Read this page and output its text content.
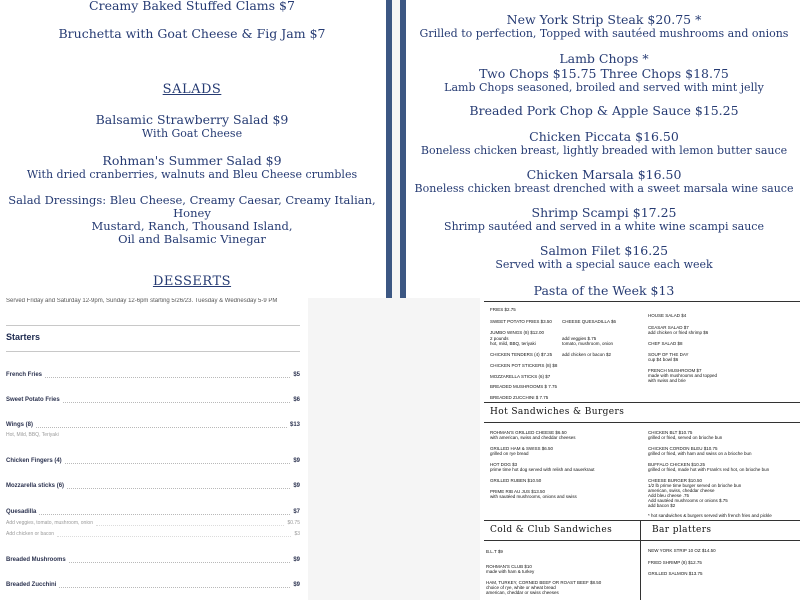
Creamy Baked Stuffed Clams $7
Bruchetta with Goat Cheese & Fig Jam $7
SALADS
Balsamic Strawberry Salad $9
With Goat Cheese
Rohman's Summer Salad $9
With dried cranberries, walnuts and Bleu Cheese crumbles
Salad Dressings: Bleu Cheese, Creamy Caesar, Creamy Italian, Honey
Mustard, Ranch, Thousand Island,
Oil and Balsamic Vinegar
DESSERTS
New York Strip Steak $20.75 *
Grilled to perfection, Topped with sautéed mushrooms and onions
Lamb Chops *
Two Chops $15.75 Three Chops $18.75
Lamb Chops seasoned, broiled and served with mint jelly
Breaded Pork Chop & Apple Sauce $15.25
Chicken Piccata $16.50
Boneless chicken breast, lightly breaded with lemon butter sauce
Chicken Marsala $16.50
Boneless chicken breast drenched with a sweet marsala wine sauce
Shrimp Scampi $17.25
Shrimp sautéed and served in a white wine scampi sauce
Salmon Filet $16.25
Served with a special sauce each week
Pasta of the Week $13
Served Friday and Saturday 12-9pm, Sunday 12-6pm starting 5/26/23. Tuesday & Wednesday 5-9 PM
Starters
French Fries	$5
Sweet Potato Fries	$6
Wings (8)	$13
Hot, Mild, BBQ, Teriyaki
Chicken Fingers (4)	$9
Mozzarella sticks (6)	$9
Quesadilla	$7
Add veggies, tomato, mushroom, onion	$0.75
Add chicken or bacon	$3
Breaded Mushrooms	$9
Breaded Zucchini	$9
FRIES $2.75
SWEET POTATO FRIES $3.50
JUMBO WINGS (8) $12.00
2 pounds
hot, mild, BBQ, teriyaki
CHICKEN TENDERS (4) $7.25
CHICKEN POT STICKERS (8) $8
MOZZARELLA STICKS (6) $7
BREADED MUSHROOMS $ 7.75
BREADED ZUCCHINI $ 7.75
CHEESE QUESADILLA $6
add veggies $.75
tomato, mushroom, onion
add chicken or bacon $2
HOUSE SALAD $4
CEASAR SALAD $7
add chicken or fried shrimp $6
CHEF SALAD $8
SOUP OF THE DAY
cup $4 bowl $6
FRENCH MUSHROOM $7
made with mushrooms and topped
with swiss and brie
Hot Sandwiches & Burgers
ROHMAN'S GRILLED CHEESE $6.50
with american, swiss and cheddar cheeses
GRILLED HAM & SWISS $6.50
grilled on rye bread
HOT DOG $3
prime time hot dog served with relish and sauerkraut
GRILLED RUBEN $10.50
PRIME RIB AU JUS $13.50
with sautéed mushrooms, onions and swiss
CHICKEN BLT $10.75
grilled or fried, served on brioche bun
CHICKEN CORDON BLEU $10.75
grilled or fried, with ham and swiss on a brioche bun
BUFFALO CHICKEN $10.25
grilled or fried, made hot with Frank's red hot, on brioche bun
CHEESE BURGER $10.50
1/2 lb prime time burger served on brioche bun
american, swiss, cheddar cheese
Add bleu cheese .75
Add sautéed mushrooms or onions $.75
add bacon $2
* hot sandwiches & burgers served with french fries and pickle
Cold & Club Sandwiches	Bar platters
B.L.T $9
ROHMAN'S CLUB $10
made with ham & turkey
HAM, TURKEY, CORNED BEEF OR ROAST BEEF $8.50
choice of rye, white or wheat bread
american, cheddar or swiss cheeses
NEW YORK STRIP 10 OZ $14.50
FRIED SHRIMP (8) $12.75
GRILLED SALMON $13.75
